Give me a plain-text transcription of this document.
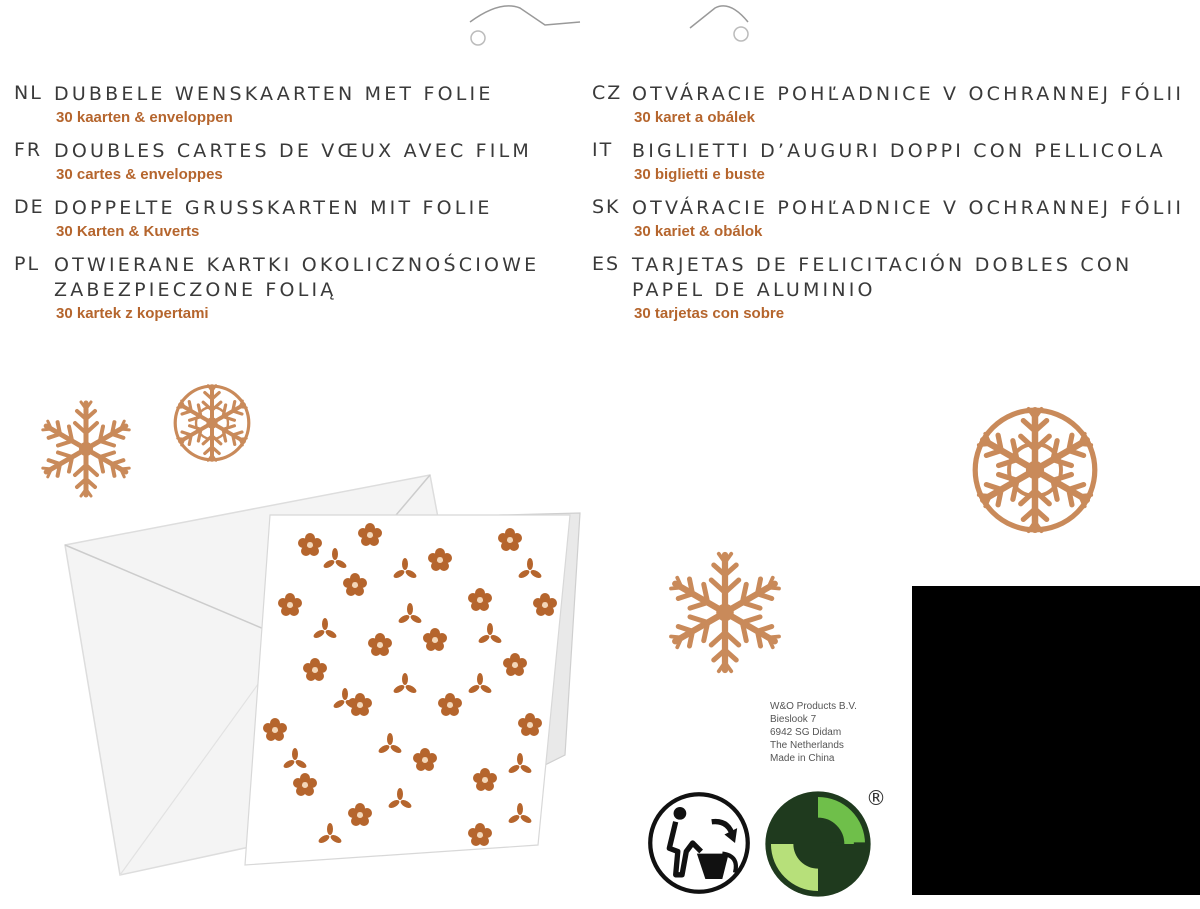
NL DUBBELE WENSKAARTEN MET FOLIE
30 kaarten & enveloppen
FR DOUBLES CARTES DE VŒUX AVEC FILM
30 cartes & enveloppes
DE DOPPELTE GRUSSKARTEN MIT FOLIE
30 Karten & Kuverts
PL OTWIERANE KARTKI OKOLICZNOŚCIOWE ZABEZPIECZONE FOLIĄ
30 kartek z kopertami
CZ OTVÁRACIE POHĽADNICE V OCHRANNEJ FÓLII
30 karet a obálek
IT BIGLIETTI D’AUGURI DOPPI CON PELLICOLA
30 biglietti e buste
SK OTVÁRACIE POHĽADNICE V OCHRANNEJ FÓLII
30 kariet & obálok
ES TARJETAS DE FELICITACIÓN DOBLES CON PAPEL DE ALUMINIO
30 tarjetas con sobre
W&O Products B.V.
Bieslook 7
6942 SG Didam
The Netherlands
Made in China
®
